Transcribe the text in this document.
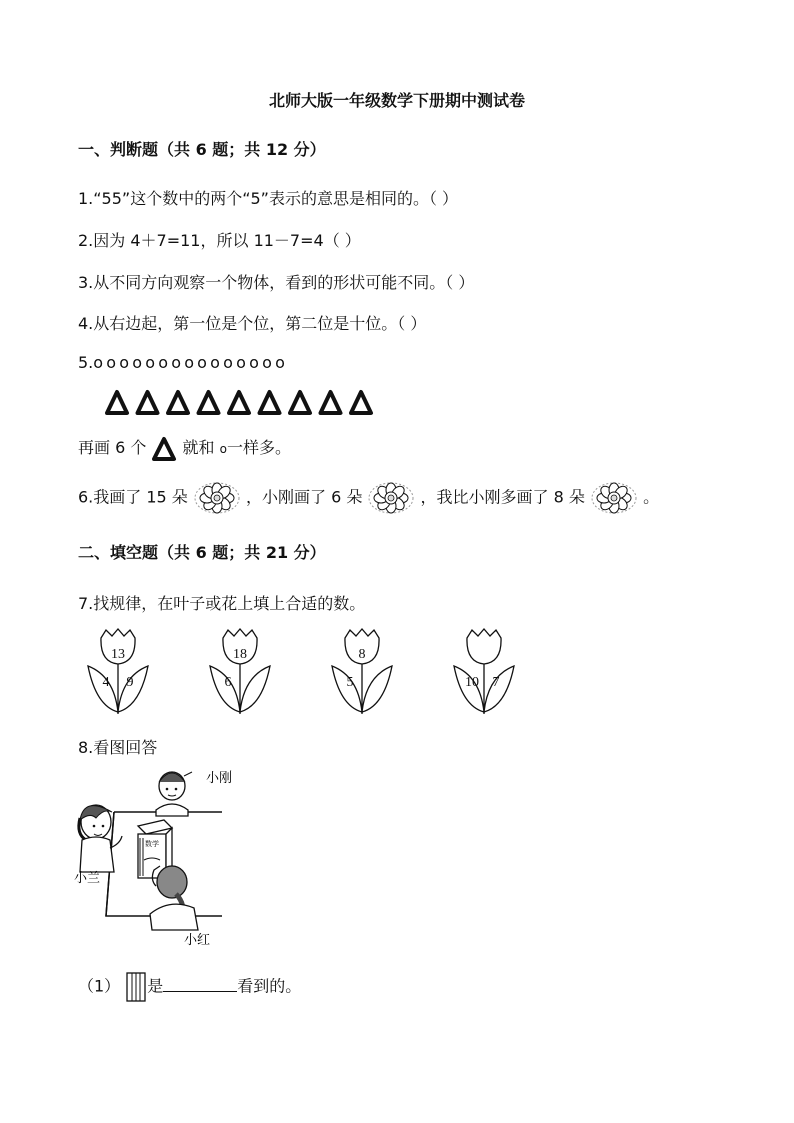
北师大版一年级数学下册期中测试卷
一、判断题（共 6 题；共 12 分）
1.“55”这个数中的两个“5”表示的意思是相同的。（ ）
2.因为 4＋7=11，所以 11－7=4（ ）
3.从不同方向观察一个物体，看到的形状可能不同。（ ）
4.从右边起，第一位是个位，第二位是十位。（ ）
5.ooooooooooooooo
再画 6 个 就和 o一样多。
6.我画了 15 朵	，小刚画了 6 朵	，我比小刚多画了 8 朵	。
二、填空题（共 6 题；共 21 分）
7.找规律，在叶子或花上填上合适的数。
13
4 9
18
6
8
5	10 7
8.看图回答
数学
小刚
小兰
小红
（1） 是	看到的。
